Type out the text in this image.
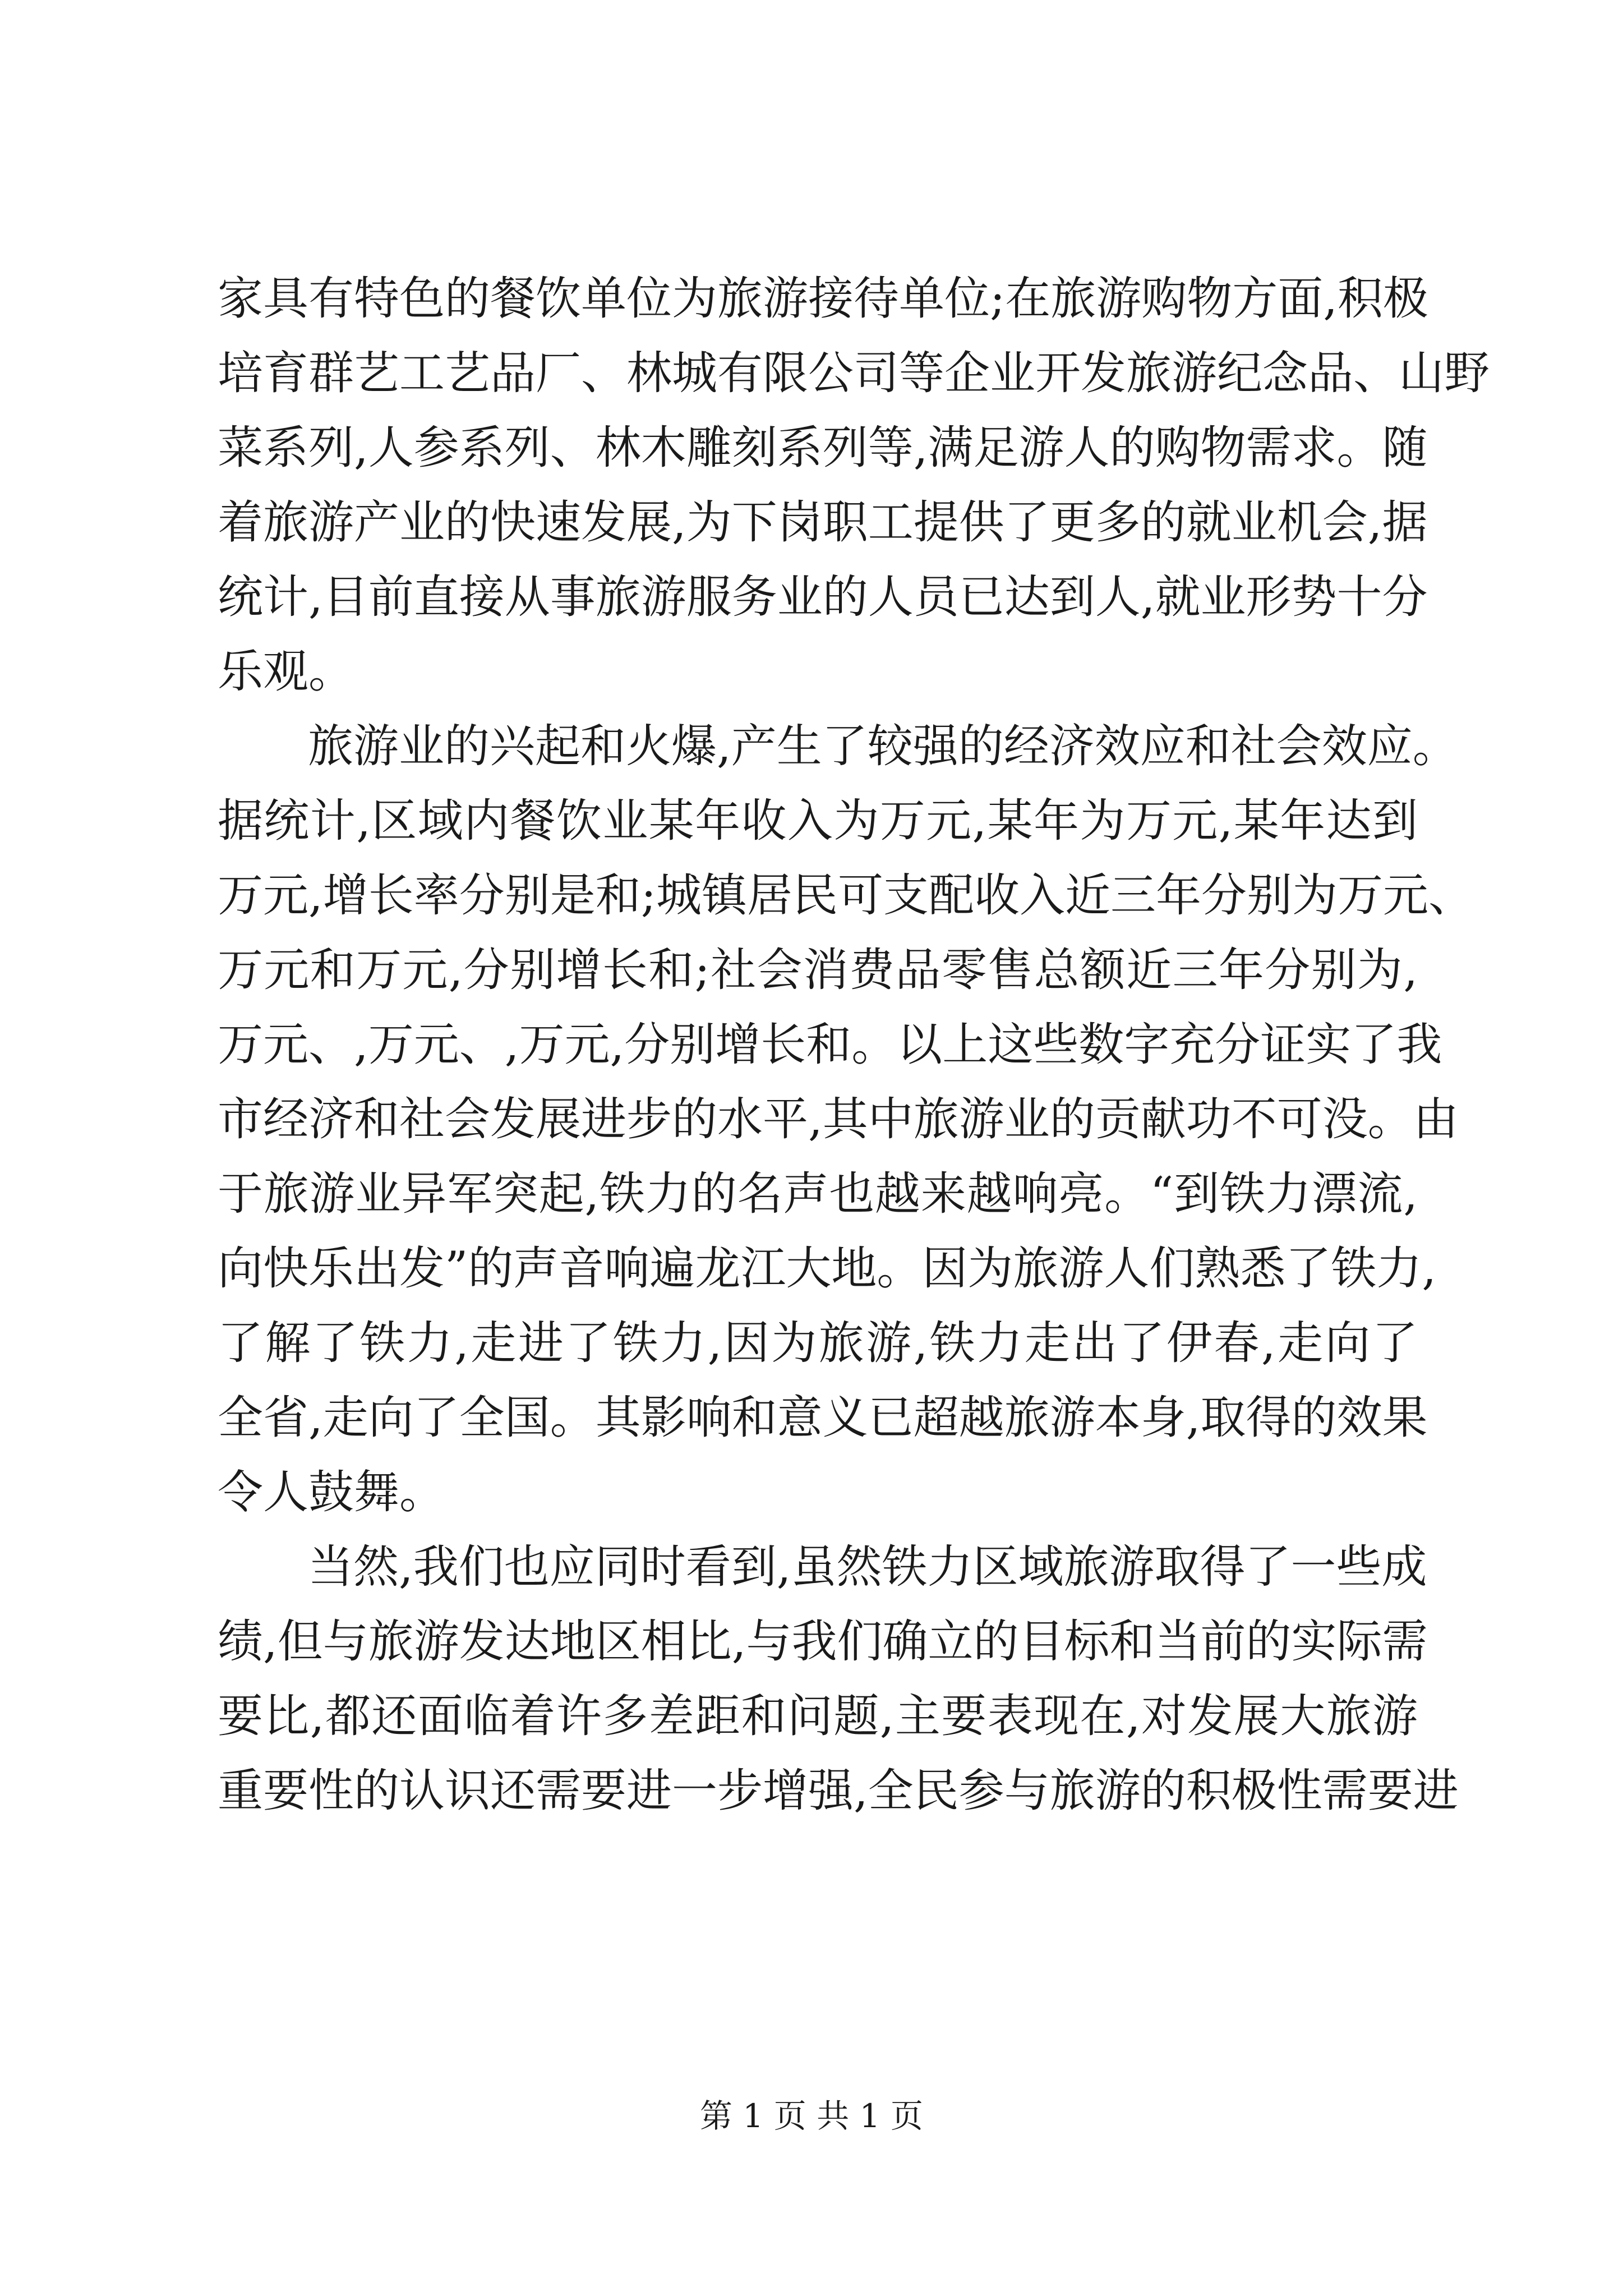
家具有特色的餐饮单位为旅游接待单位;在旅游购物方面,积极
培育群艺工艺品厂、林城有限公司等企业开发旅游纪念品、山野
菜系列,人参系列、林木雕刻系列等,满足游人的购物需求。随
着旅游产业的快速发展,为下岗职工提供了更多的就业机会,据
统计,目前直接从事旅游服务业的人员已达到人,就业形势十分
乐观。
旅游业的兴起和火爆,产生了较强的经济效应和社会效应。
据统计,区域内餐饮业某年收入为万元,某年为万元,某年达到
万元,增长率分别是和;城镇居民可支配收入近三年分别为万元、
万元和万元,分别增长和;社会消费品零售总额近三年分别为,
万元、,万元、,万元,分别增长和。以上这些数字充分证实了我
市经济和社会发展进步的水平,其中旅游业的贡献功不可没。由
于旅游业异军突起,铁力的名声也越来越响亮。“到铁力漂流,
向快乐出发”的声音响遍龙江大地。因为旅游人们熟悉了铁力,
了解了铁力,走进了铁力,因为旅游,铁力走出了伊春,走向了
全省,走向了全国。其影响和意义已超越旅游本身,取得的效果
令人鼓舞。
当然,我们也应同时看到,虽然铁力区域旅游取得了一些成
绩,但与旅游发达地区相比,与我们确立的目标和当前的实际需
要比,都还面临着许多差距和问题,主要表现在,对发展大旅游
重要性的认识还需要进一步增强,全民参与旅游的积极性需要进
第 1 页 共 1 页
